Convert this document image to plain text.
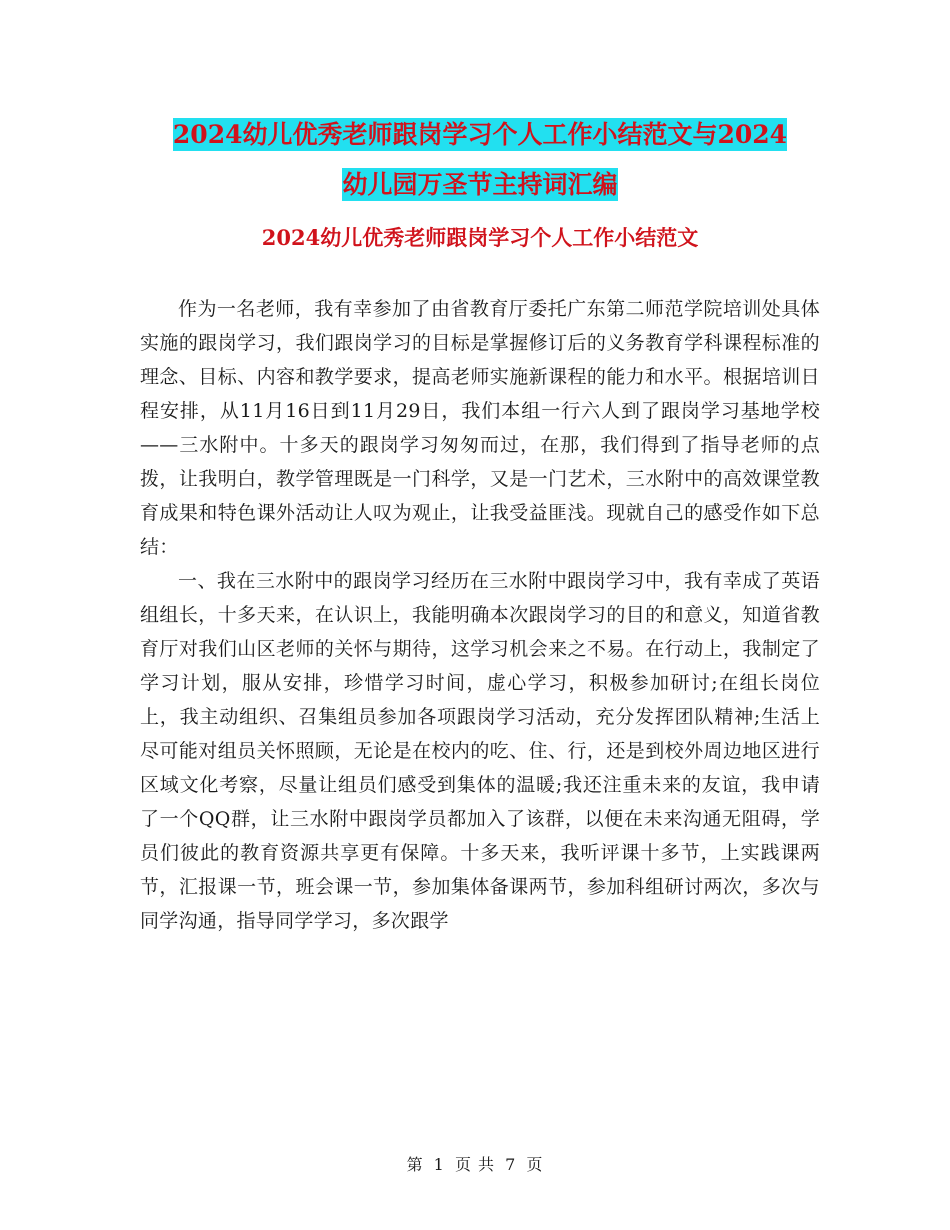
2024幼儿优秀老师跟岗学习个人工作小结范文与2024
幼儿园万圣节主持词汇编
2024幼儿优秀老师跟岗学习个人工作小结范文

作为一名老师，我有幸参加了由省教育厅委托广东第二师范学院培训处具体实施的跟岗学习，我们跟岗学习的目标是掌握修订后的义务教育学科课程标准的理念、目标、内容和教学要求，提高老师实施新课程的能力和水平。根据培训日程安排，从11月16日到11月29日，我们本组一行六人到了跟岗学习基地学校——三水附中。十多天的跟岗学习匆匆而过，在那，我们得到了指导老师的点拨，让我明白，教学管理既是一门科学，又是一门艺术，三水附中的高效课堂教育成果和特色课外活动让人叹为观止，让我受益匪浅。现就自己的感受作如下总结：

一、我在三水附中的跟岗学习经历在三水附中跟岗学习中，我有幸成了英语组组长，十多天来，在认识上，我能明确本次跟岗学习的目的和意义，知道省教育厅对我们山区老师的关怀与期待，这学习机会来之不易。在行动上，我制定了学习计划，服从安排，珍惜学习时间，虚心学习，积极参加研讨;在组长岗位上，我主动组织、召集组员参加各项跟岗学习活动，充分发挥团队精神;生活上尽可能对组员关怀照顾，无论是在校内的吃、住、行，还是到校外周边地区进行区域文化考察，尽量让组员们感受到集体的温暖;我还注重未来的友谊，我申请了一个QQ群，让三水附中跟岗学员都加入了该群，以便在未来沟通无阻碍，学员们彼此的教育资源共享更有保障。十多天来，我听评课十多节，上实践课两节，汇报课一节，班会课一节，参加集体备课两节，参加科组研讨两次，多次与同学沟通，指导同学学习，多次跟学

第 1 页 共 7 页
